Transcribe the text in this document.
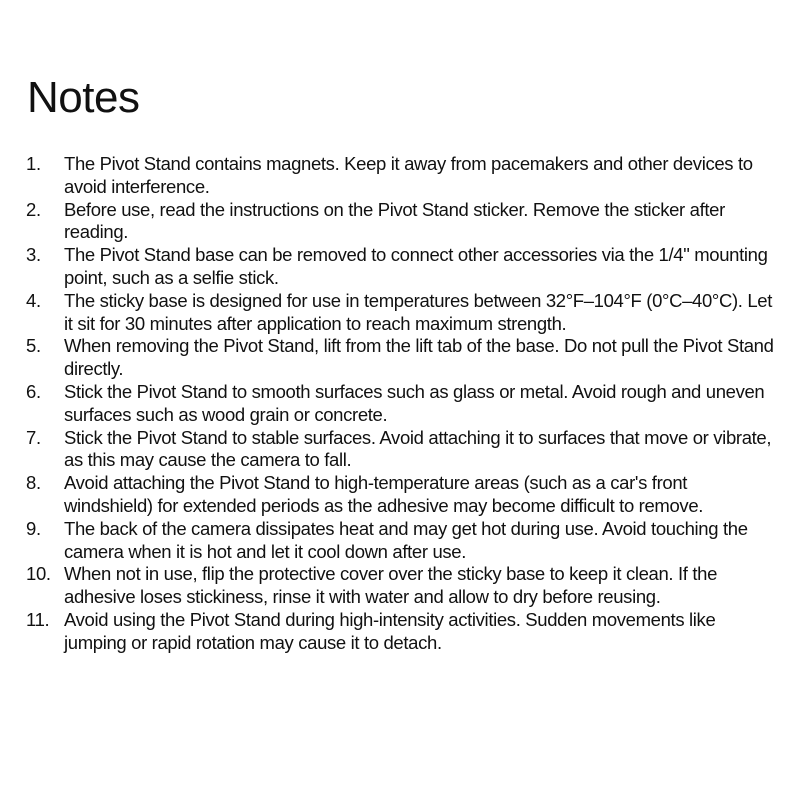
Notes
1.	The Pivot Stand contains magnets. Keep it away from pacemakers and other devices to avoid interference.
2.	Before use, read the instructions on the Pivot Stand sticker. Remove the sticker after reading.
3.	The Pivot Stand base can be removed to connect other accessories via the 1/4" mounting point, such as a selfie stick.
4.	The sticky base is designed for use in temperatures between 32°F–104°F (0°C–40°C). Let it sit for 30 minutes after application to reach maximum strength.
5.	When removing the Pivot Stand, lift from the lift tab of the base. Do not pull the Pivot Stand directly.
6.	Stick the Pivot Stand to smooth surfaces such as glass or metal. Avoid rough and uneven surfaces such as wood grain or concrete.
7.	Stick the Pivot Stand to stable surfaces. Avoid attaching it to surfaces that move or vibrate, as this may cause the camera to fall.
8.	Avoid attaching the Pivot Stand to high-temperature areas (such as a car's front windshield) for extended periods as the adhesive may become difficult to remove.
9.	The back of the camera dissipates heat and may get hot during use. Avoid touching the camera when it is hot and let it cool down after use.
10. When not in use, flip the protective cover over the sticky base to keep it clean. If the adhesive loses stickiness, rinse it with water and allow to dry before reusing.
11. Avoid using the Pivot Stand during high-intensity activities. Sudden movements like jumping or rapid rotation may cause it to detach.
